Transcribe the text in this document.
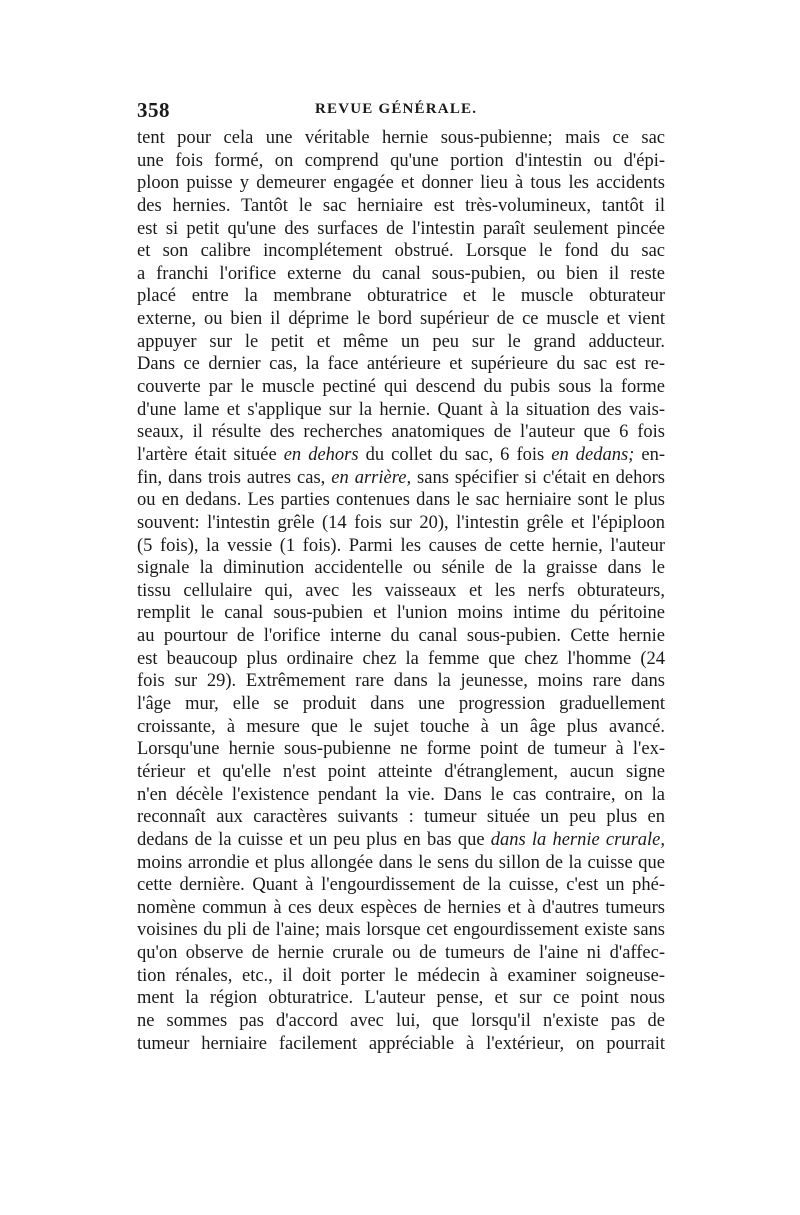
358	REVUE GÉNÉRALE.
tent pour cela une véritable hernie sous-pubienne; mais ce sac
une fois formé, on comprend qu'une portion d'intestin ou d'épi-
ploon puisse y demeurer engagée et donner lieu à tous les accidents
des hernies. Tantôt le sac herniaire est très-volumineux, tantôt il
est si petit qu'une des surfaces de l'intestin paraît seulement pincée
et son calibre incomplétement obstrué. Lorsque le fond du sac
a franchi l'orifice externe du canal sous-pubien, ou bien il reste
placé entre la membrane obturatrice et le muscle obturateur
externe, ou bien il déprime le bord supérieur de ce muscle et vient
appuyer sur le petit et même un peu sur le grand adducteur.
Dans ce dernier cas, la face antérieure et supérieure du sac est re-
couverte par le muscle pectiné qui descend du pubis sous la forme
d'une lame et s'applique sur la hernie. Quant à la situation des vais-
seaux, il résulte des recherches anatomiques de l'auteur que 6 fois
l'artère était située en dehors du collet du sac, 6 fois en dedans; en-
fin, dans trois autres cas, en arrière, sans spécifier si c'était en dehors
ou en dedans. Les parties contenues dans le sac herniaire sont le plus
souvent: l'intestin grêle (14 fois sur 20), l'intestin grêle et l'épiploon
(5 fois), la vessie (1 fois). Parmi les causes de cette hernie, l'auteur
signale la diminution accidentelle ou sénile de la graisse dans le
tissu cellulaire qui, avec les vaisseaux et les nerfs obturateurs,
remplit le canal sous-pubien et l'union moins intime du péritoine
au pourtour de l'orifice interne du canal sous-pubien. Cette hernie
est beaucoup plus ordinaire chez la femme que chez l'homme (24
fois sur 29). Extrêmement rare dans la jeunesse, moins rare dans
l'âge mur, elle se produit dans une progression graduellement
croissante, à mesure que le sujet touche à un âge plus avancé.
Lorsqu'une hernie sous-pubienne ne forme point de tumeur à l'ex-
térieur et qu'elle n'est point atteinte d'étranglement, aucun signe
n'en décèle l'existence pendant la vie. Dans le cas contraire, on la
reconnaît aux caractères suivants : tumeur située un peu plus en
dedans de la cuisse et un peu plus en bas que dans la hernie crurale,
moins arrondie et plus allongée dans le sens du sillon de la cuisse que
cette dernière. Quant à l'engourdissement de la cuisse, c'est un phé-
nomène commun à ces deux espèces de hernies et à d'autres tumeurs
voisines du pli de l'aine; mais lorsque cet engourdissement existe sans
qu'on observe de hernie crurale ou de tumeurs de l'aine ni d'affec-
tion rénales, etc., il doit porter le médecin à examiner soigneuse-
ment la région obturatrice. L'auteur pense, et sur ce point nous
ne sommes pas d'accord avec lui, que lorsqu'il n'existe pas de
tumeur herniaire facilement appréciable à l'extérieur, on pourrait
